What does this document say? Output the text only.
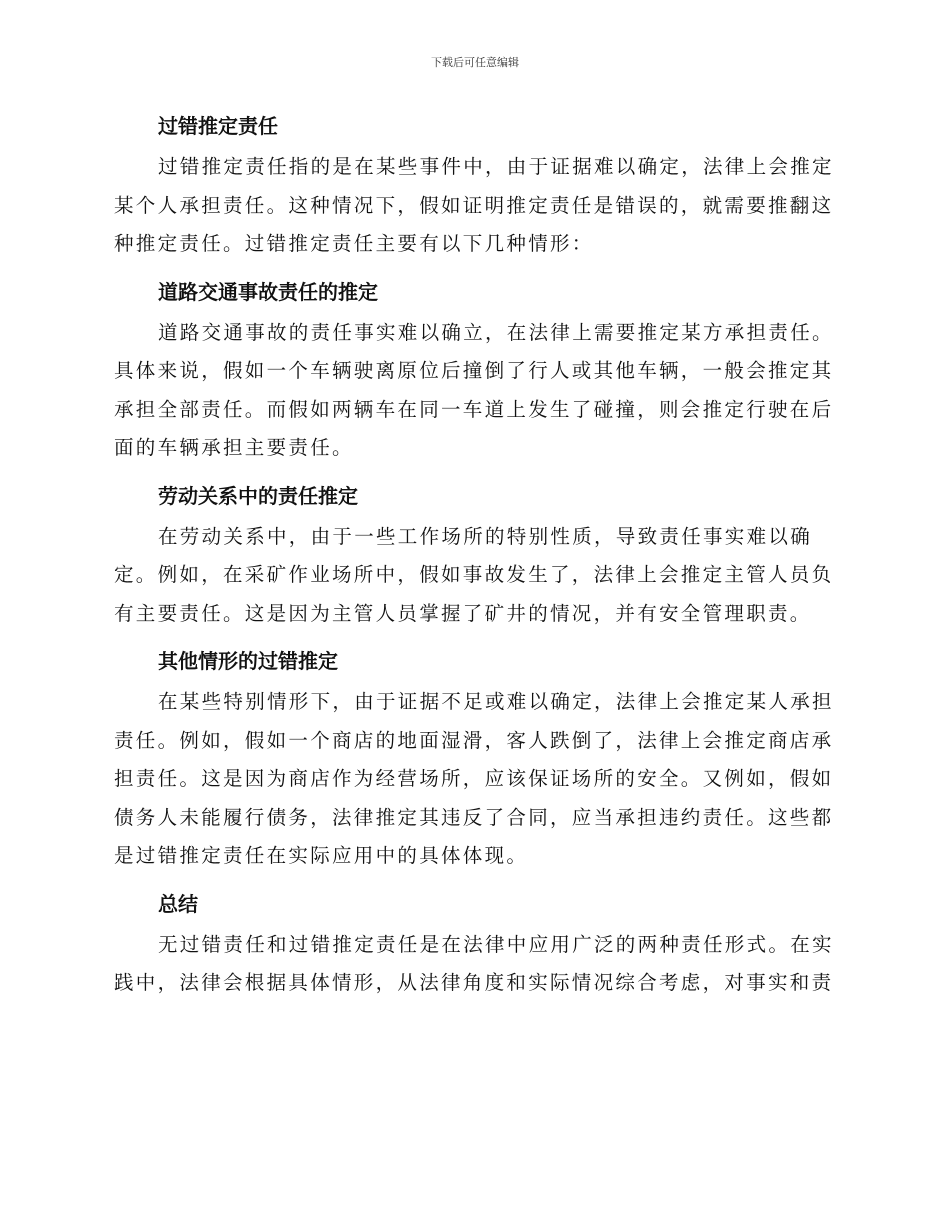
下载后可任意编辑
过错推定责任

过错推定责任指的是在某些事件中，由于证据难以确定，法律上会推定某个人承担责任。这种情况下，假如证明推定责任是错误的，就需要推翻这种推定责任。过错推定责任主要有以下几种情形：

道路交通事故责任的推定

道路交通事故的责任事实难以确立，在法律上需要推定某方承担责任。具体来说，假如一个车辆驶离原位后撞倒了行人或其他车辆，一般会推定其承担全部责任。而假如两辆车在同一车道上发生了碰撞，则会推定行驶在后面的车辆承担主要责任。

劳动关系中的责任推定

在劳动关系中，由于一些工作场所的特别性质，导致责任事实难以确定。例如，在采矿作业场所中，假如事故发生了，法律上会推定主管人员负有主要责任。这是因为主管人员掌握了矿井的情况，并有安全管理职责。

其他情形的过错推定

在某些特别情形下，由于证据不足或难以确定，法律上会推定某人承担责任。例如，假如一个商店的地面湿滑，客人跌倒了，法律上会推定商店承担责任。这是因为商店作为经营场所，应该保证场所的安全。又例如，假如债务人未能履行债务，法律推定其违反了合同，应当承担违约责任。这些都是过错推定责任在实际应用中的具体体现。

总结

无过错责任和过错推定责任是在法律中应用广泛的两种责任形式。在实践中，法律会根据具体情形，从法律角度和实际情况综合考虑，对事实和责
